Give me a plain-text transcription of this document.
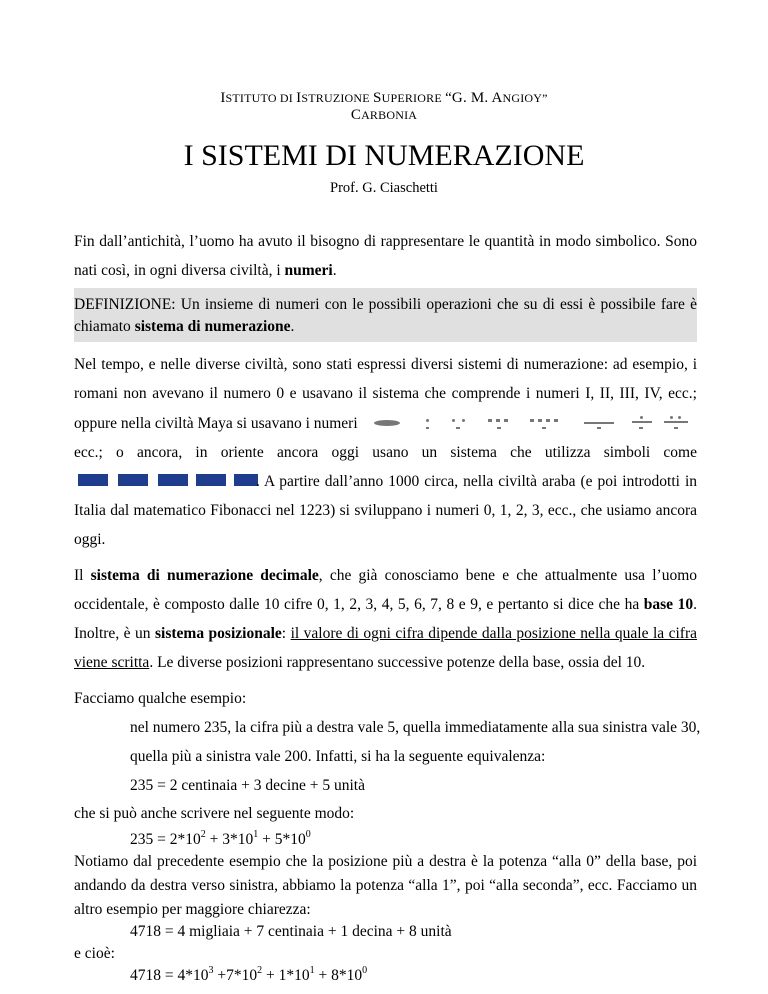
ISTITUTO DI ISTRUZIONE SUPERIORE “G. M. ANGIOY”
CARBONIA
I SISTEMI DI NUMERAZIONE
Prof. G. Ciaschetti
Fin dall’antichità, l’uomo ha avuto il bisogno di rappresentare le quantità in modo simbolico. Sono
nati così, in ogni diversa civiltà, i numeri.
DEFINIZIONE: Un insieme di numeri con le possibili operazioni che su di essi è possibile fare è
chiamato sistema di numerazione.
Nel tempo, e nelle diverse civiltà, sono stati espressi diversi sistemi di numerazione: ad esempio, i
romani non avevano il numero 0 e usavano il sistema che comprende i numeri I, II, III, IV, ecc.;
oppure nella civiltà Maya si usavano i numeri
ecc.; o ancora, in oriente ancora oggi usano un sistema che utilizza simboli come
. A partire dall’anno 1000 circa, nella civiltà araba (e poi introdotti in
Italia dal matematico Fibonacci nel 1223) si sviluppano i numeri 0, 1, 2, 3, ecc., che usiamo ancora
oggi.
Il sistema di numerazione decimale, che già conosciamo bene e che attualmente usa l’uomo
occidentale, è composto dalle 10 cifre 0, 1, 2, 3, 4, 5, 6, 7, 8 e 9, e pertanto si dice che ha base 10.
Inoltre, è un sistema posizionale: il valore di ogni cifra dipende dalla posizione nella quale la cifra
viene scritta. Le diverse posizioni rappresentano successive potenze della base, ossia del 10.
Facciamo qualche esempio:
nel numero 235, la cifra più a destra vale 5, quella immediatamente alla sua sinistra vale 30,
quella più a sinistra vale 200. Infatti, si ha la seguente equivalenza:
235 = 2 centinaia + 3 decine + 5 unità
che si può anche scrivere nel seguente modo:
$235 = 2*10^2 + 3*10^1 + 5*10^0$
Notiamo dal precedente esempio che la posizione più a destra è la potenza “alla 0” della base, poi
andando da destra verso sinistra, abbiamo la potenza “alla 1”, poi “alla seconda”, ecc. Facciamo un
altro esempio per maggiore chiarezza:
4718 = 4 migliaia + 7 centinaia + 1 decina + 8 unità
e cioè:
$4718 = 4*10^3 +7*10^2 + 1*10^1 + 8*10^0$
